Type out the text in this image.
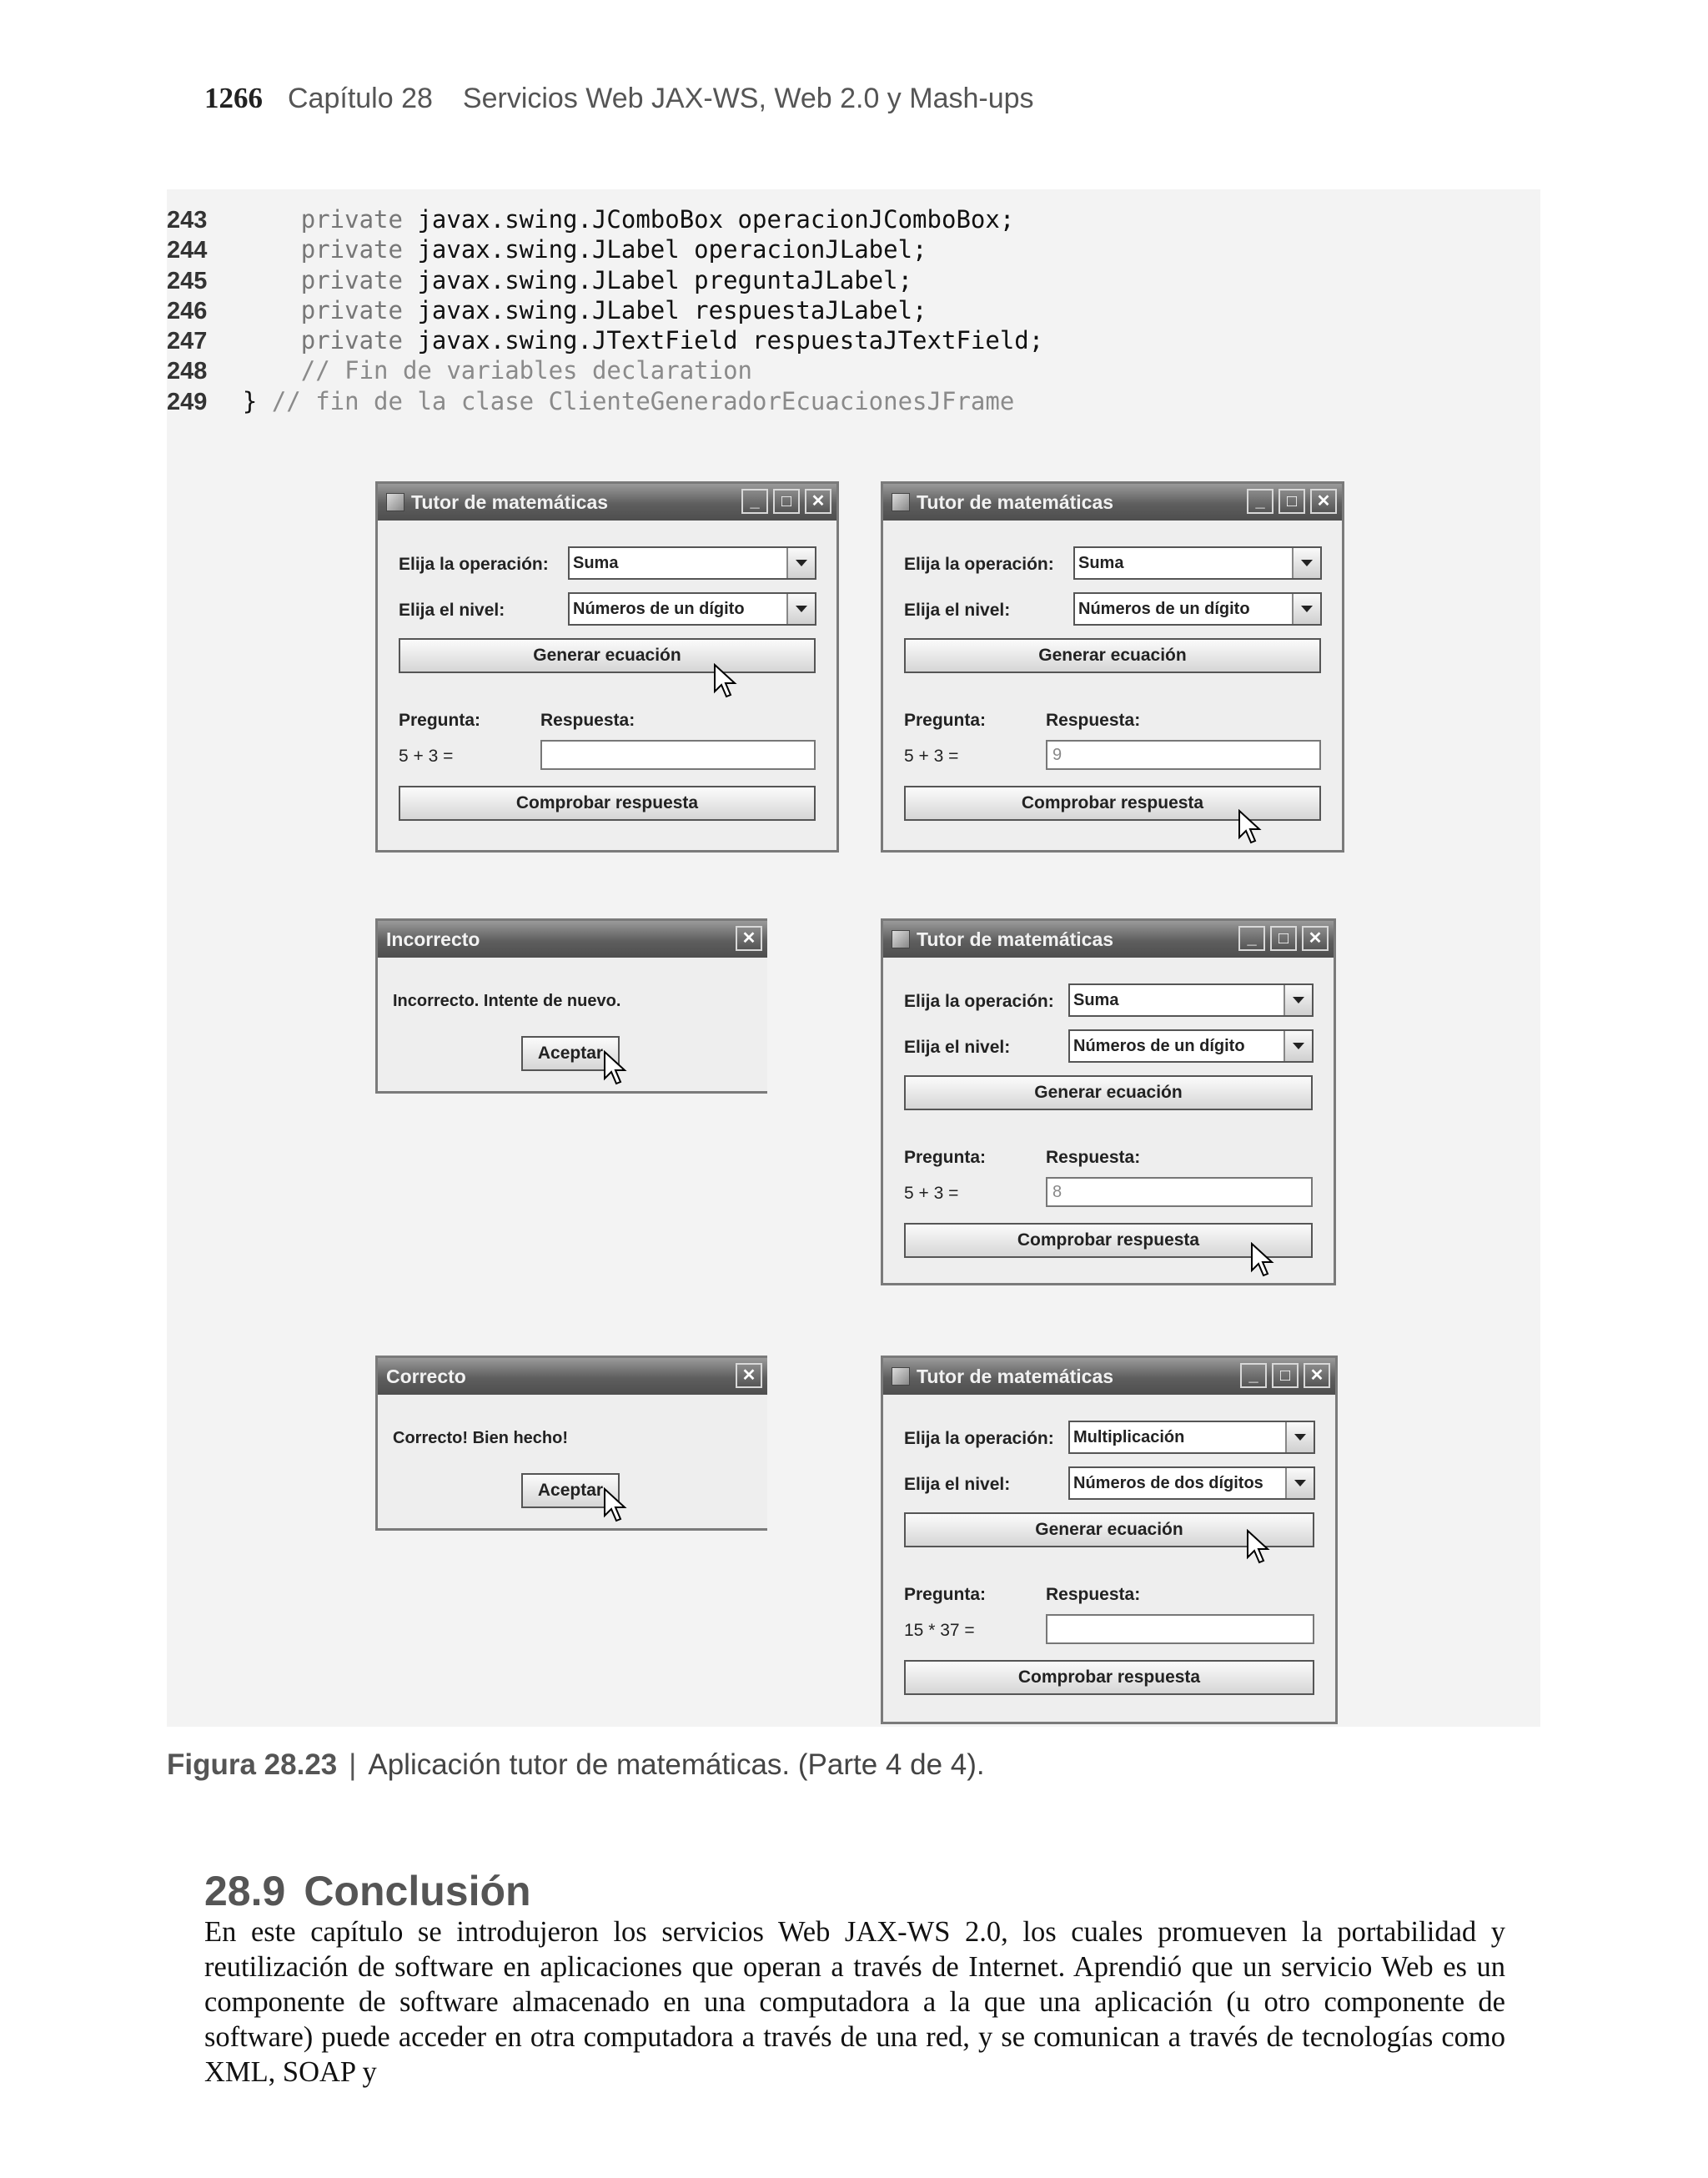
1266 Capítulo 28 Servicios Web JAX-WS, Web 2.0 y Mash-ups
243      private javax.swing.JComboBox operacionJComboBox;
244      private javax.swing.JLabel operacionJLabel;
245      private javax.swing.JLabel preguntaJLabel;
246      private javax.swing.JLabel respuestaJLabel;
247      private javax.swing.JTextField respuestaJTextField;
248      // Fin de variables declaration
249  } // fin de la clase ClienteGeneradorEcuacionesJFrame
Tutor de matemáticas	_	□	✕
Elija la operación:	Suma
Elija el nivel:	Números de un dígito
Generar ecuación
Pregunta:	Respuesta:
5 + 3 =
Comprobar respuesta
Tutor de matemáticas	_	□	✕
Elija la operación:	Suma
Elija el nivel:	Números de un dígito
Generar ecuación
Pregunta:	Respuesta:
5 + 3 =	9
Comprobar respuesta
Incorrecto	✕
Incorrecto. Intente de nuevo.
Aceptar
Tutor de matemáticas	_	□	✕
Elija la operación:	Suma
Elija el nivel:	Números de un dígito
Generar ecuación
Pregunta:	Respuesta:
5 + 3 =	8
Comprobar respuesta
Correcto	✕
Correcto! Bien hecho!
Aceptar
Tutor de matemáticas	_	□	✕
Elija la operación:	Multiplicación
Elija el nivel:	Números de dos dígitos
Generar ecuación
Pregunta:	Respuesta:
15 * 37 =
Comprobar respuesta
Figura 28.23 | Aplicación tutor de matemáticas. (Parte 4 de 4).
28.9 Conclusión

En este capítulo se introdujeron los servicios Web JAX-WS 2.0, los cuales promueven la portabilidad y reutilización de software en aplicaciones que operan a través de Internet. Aprendió que un servicio Web es un componente de software almacenado en una computadora a la que una aplicación (u otro componente de software) puede acceder en otra computadora a través de una red, y se comunican a través de tecnologías como XML, SOAP y
